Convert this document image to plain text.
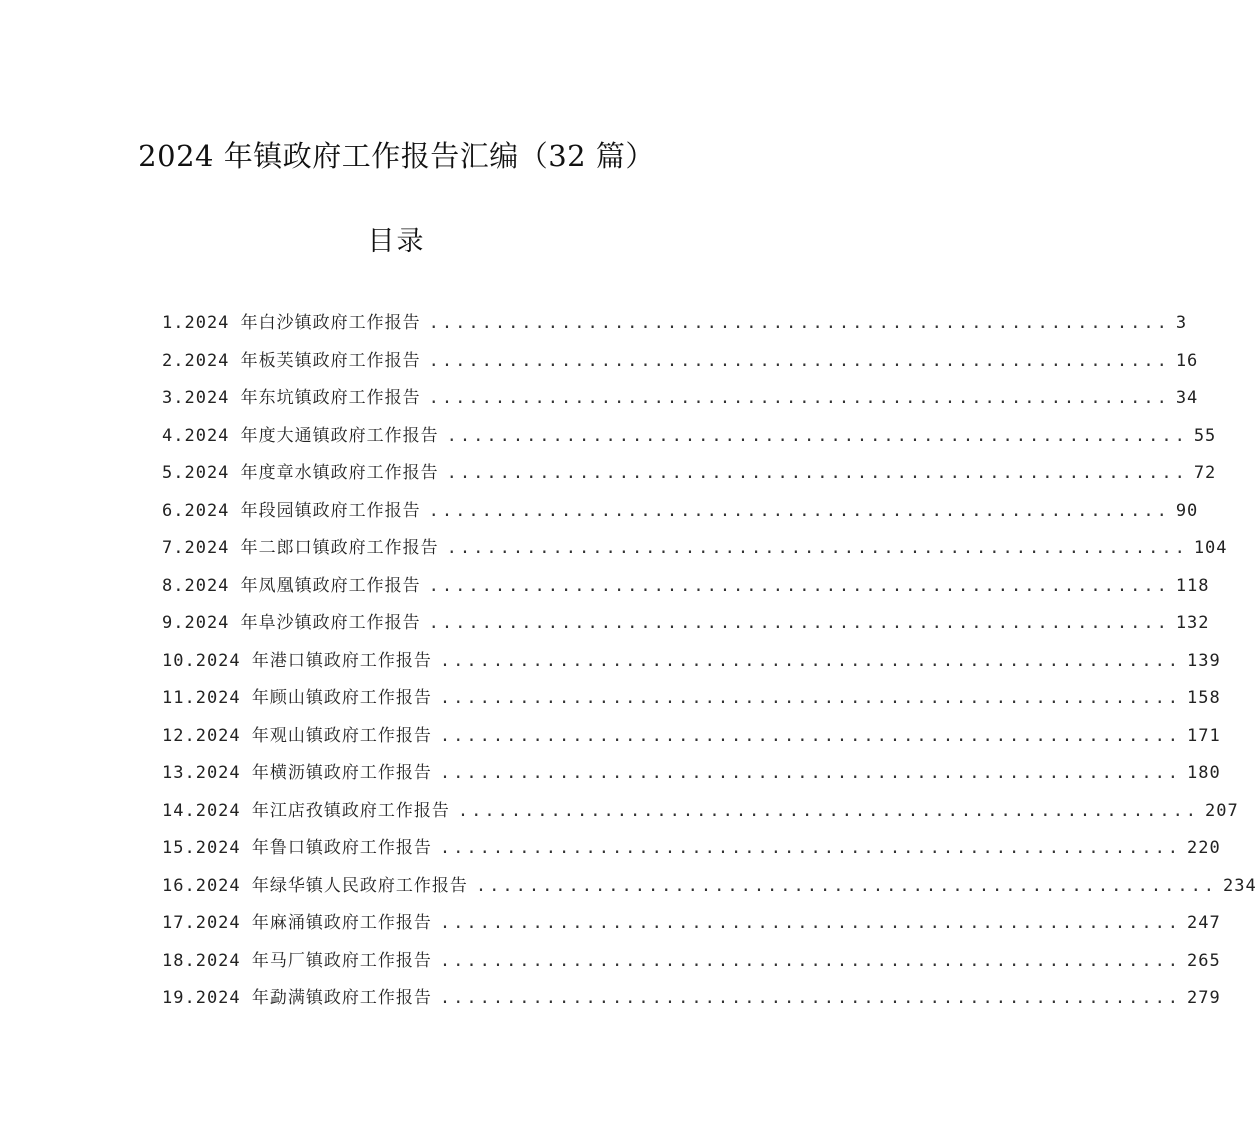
2024 年镇政府工作报告汇编（32 篇）
目录
1.2024 年白沙镇政府工作报告 ........................................................ 3
2.2024 年板芙镇政府工作报告 ........................................................ 16
3.2024 年东坑镇政府工作报告 ........................................................ 34
4.2024 年度大通镇政府工作报告 ........................................................ 55
5.2024 年度章水镇政府工作报告 ........................................................ 72
6.2024 年段园镇政府工作报告 ........................................................ 90
7.2024 年二郎口镇政府工作报告 ........................................................ 104
8.2024 年凤凰镇政府工作报告 ........................................................ 118
9.2024 年阜沙镇政府工作报告 ........................................................ 132
10.2024 年港口镇政府工作报告 ........................................................ 139
11.2024 年顾山镇政府工作报告 ........................................................ 158
12.2024 年观山镇政府工作报告 ........................................................ 171
13.2024 年横沥镇政府工作报告 ........................................................ 180
14.2024 年江店孜镇政府工作报告 ........................................................ 207
15.2024 年鲁口镇政府工作报告 ........................................................ 220
16.2024 年绿华镇人民政府工作报告 ........................................................ 234
17.2024 年麻涌镇政府工作报告 ........................................................ 247
18.2024 年马厂镇政府工作报告 ........................................................ 265
19.2024 年勐满镇政府工作报告 ........................................................ 279
